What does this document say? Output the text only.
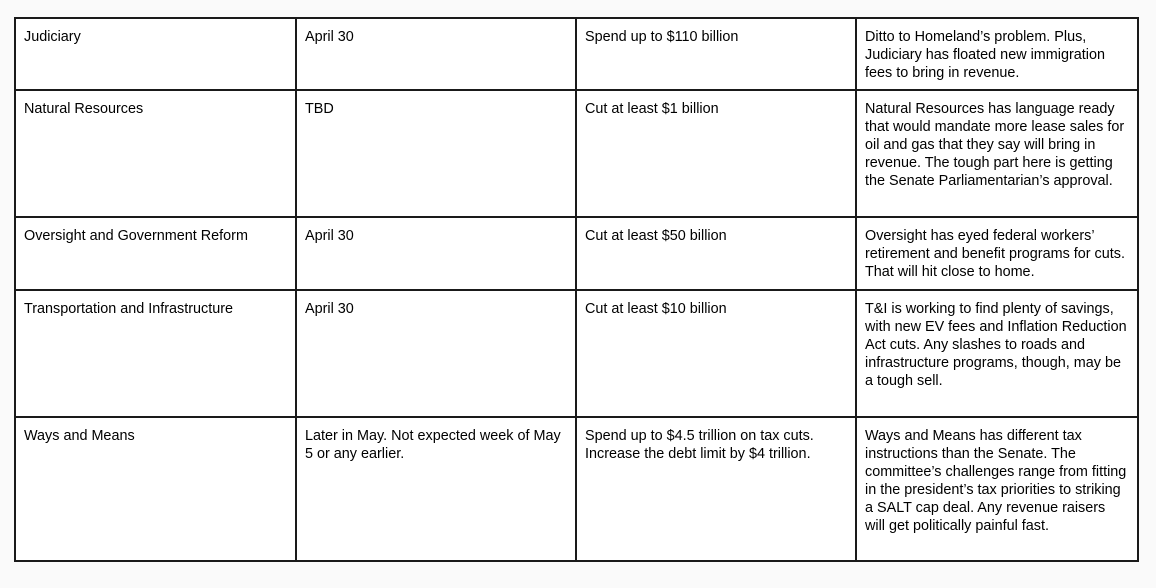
Judiciary	April 30	Spend up to $110 billion	Ditto to Homeland’s problem. Plus, Judiciary has floated new immigration fees to bring in revenue.
Natural Resources	TBD	Cut at least $1 billion	Natural Resources has language ready that would mandate more lease sales for oil and gas that they say will bring in revenue. The tough part here is getting the Senate Parliamentarian’s approval.
Oversight and Government Reform	April 30	Cut at least $50 billion	Oversight has eyed federal workers’ retirement and benefit programs for cuts. That will hit close to home.
Transportation and Infrastructure	April 30	Cut at least $10 billion	T&I is working to find plenty of savings, with new EV fees and Inflation Reduction Act cuts. Any slashes to roads and infrastructure programs, though, may be a tough sell.
Ways and Means	Later in May. Not expected week of May 5 or any earlier.	Spend up to $4.5 trillion on tax cuts. Increase the debt limit by $4 trillion.	Ways and Means has different tax instructions than the Senate. The committee’s challenges range from fitting in the president’s tax priorities to striking a SALT cap deal. Any revenue raisers will get politically painful fast.
